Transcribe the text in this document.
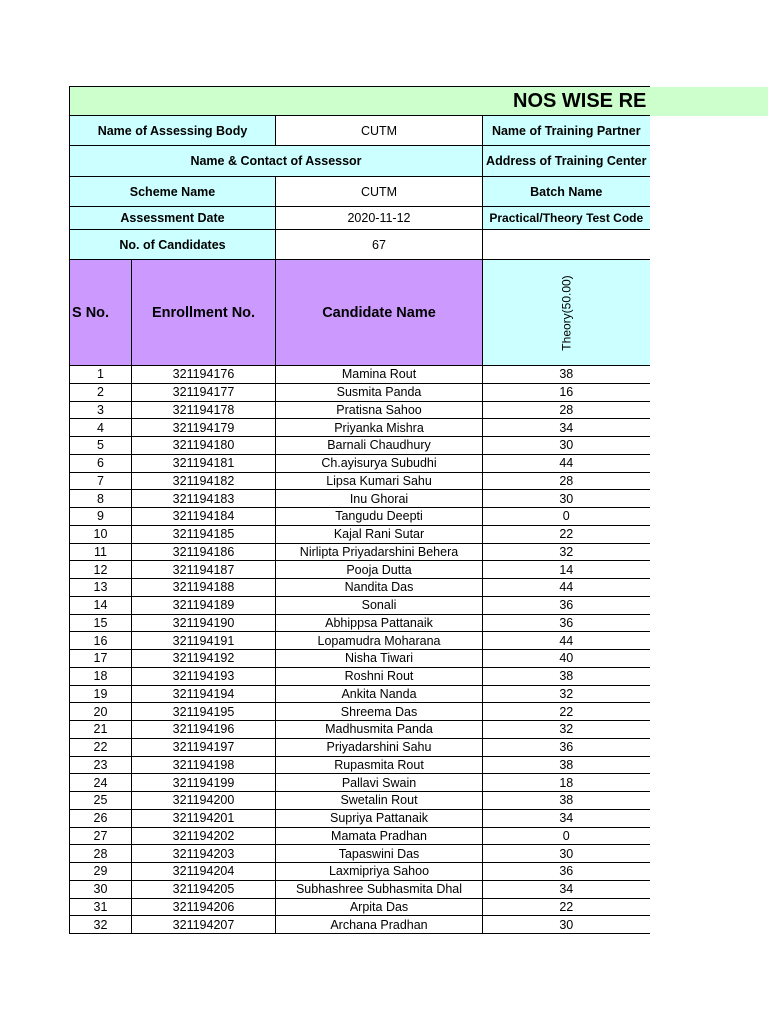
NOS WISE RE				
Name of Assessing Body		CUTM	Name of Training Partner	
Name & Contact of Assessor			Address of Training Center	
Scheme Name		CUTM	Batch Name	
Assessment Date		2020-11-12	Practical/Theory Test Code	
No. of Candidates		67		
S No.	Enrollment No.	Candidate Name	Theory(50.00)	
1	321194176	Mamina Rout	38	
2	321194177	Susmita Panda	16	
3	321194178	Pratisna Sahoo	28	
4	321194179	Priyanka Mishra	34	
5	321194180	Barnali Chaudhury	30	
6	321194181	Ch.ayisurya Subudhi	44	
7	321194182	Lipsa Kumari Sahu	28	
8	321194183	Inu Ghorai	30	
9	321194184	Tangudu Deepti	0	
10	321194185	Kajal Rani Sutar	22	
11	321194186	Nirlipta Priyadarshini Behera	32	
12	321194187	Pooja Dutta	14	
13	321194188	Nandita Das	44	
14	321194189	Sonali	36	
15	321194190	Abhippsa Pattanaik	36	
16	321194191	Lopamudra Moharana	44	
17	321194192	Nisha Tiwari	40	
18	321194193	Roshni Rout	38	
19	321194194	Ankita Nanda	32	
20	321194195	Shreema Das	22	
21	321194196	Madhusmita Panda	32	
22	321194197	Priyadarshini Sahu	36	
23	321194198	Rupasmita Rout	38	
24	321194199	Pallavi Swain	18	
25	321194200	Swetalin Rout	38	
26	321194201	Supriya Pattanaik	34	
27	321194202	Mamata Pradhan	0	
28	321194203	Tapaswini Das	30	
29	321194204	Laxmipriya Sahoo	36	
30	321194205	Subhashree Subhasmita Dhal	34	
31	321194206	Arpita Das	22	
32	321194207	Archana Pradhan	30	
